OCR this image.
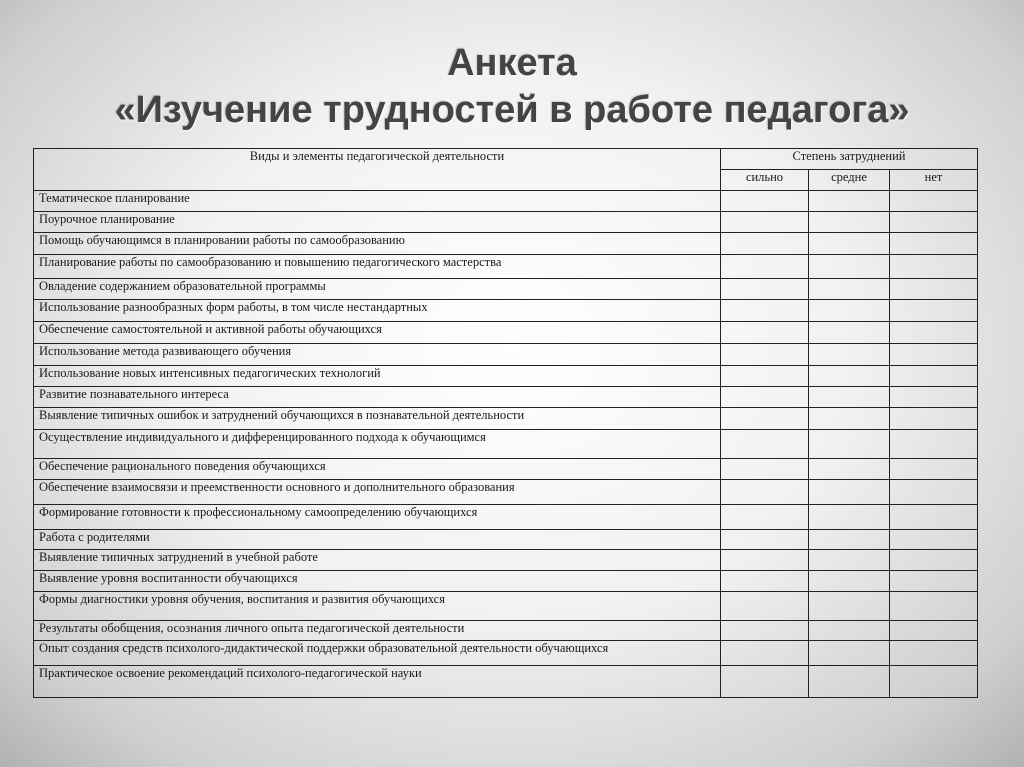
Анкета
«Изучение трудностей в работе педагога»
Виды и элементы педагогической деятельности	Степень затруднений		
	сильно	средне	нет
Тематическое планирование			
Поурочное планирование			
Помощь обучающимся в планировании работы по самообразованию			
Планирование работы по самообразованию и повышению педагогического мастерства			
Овладение содержанием образовательной программы			
Использование разнообразных форм работы, в том числе нестандартных			
Обеспечение самостоятельной и активной работы обучающихся			
Использование метода развивающего обучения			
Использование новых интенсивных педагогических технологий			
Развитие познавательного интереса			
Выявление типичных ошибок и затруднений обучающихся в познавательной деятельности			
Осуществление индивидуального и дифференцированного подхода к обучающимся			
Обеспечение рационального поведения обучающихся			
Обеспечение взаимосвязи и преемственности основного и дополнительного образования			
Формирование готовности к профессиональному самоопределению обучающихся			
Работа с родителями			
Выявление типичных затруднений в учебной работе			
Выявление уровня воспитанности обучающихся			
Формы диагностики уровня обучения, воспитания и развития обучающихся			
Результаты обобщения, осознания личного опыта педагогической деятельности			
Опыт создания средств психолого-дидактической поддержки образовательной деятельности обучающихся			
Практическое освоение рекомендаций психолого-педагогической науки			
